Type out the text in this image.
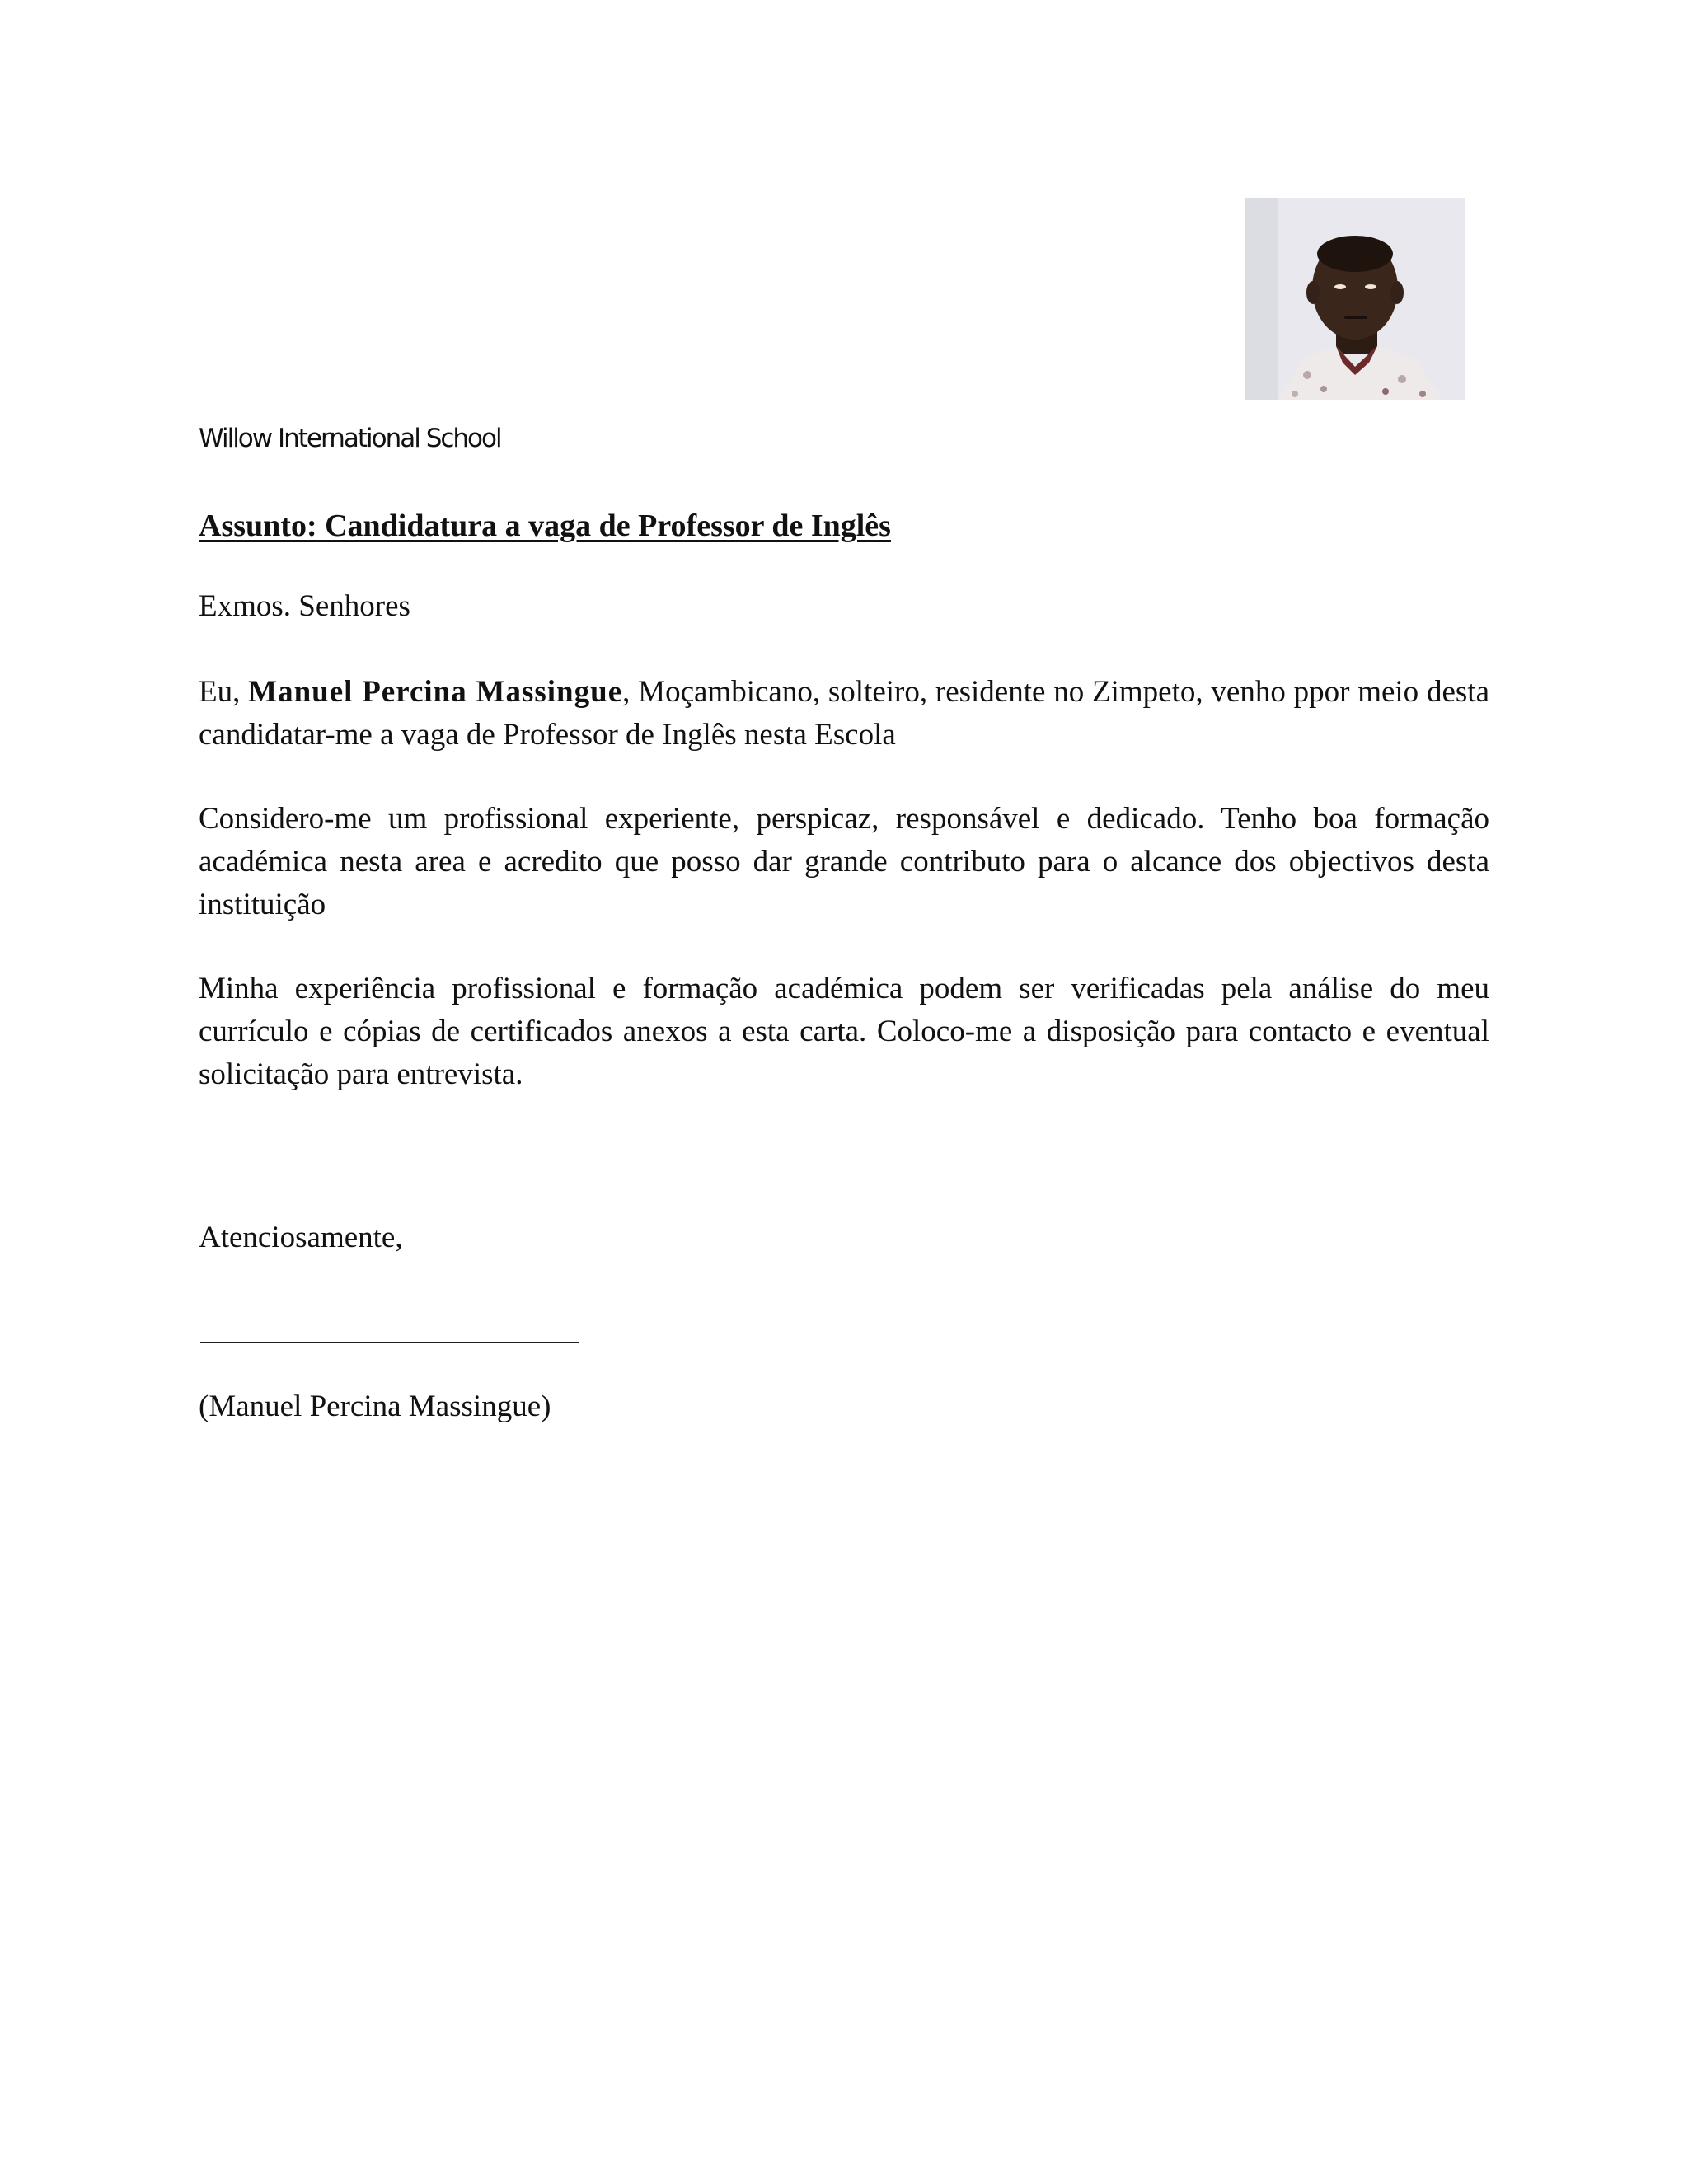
Willow International School
Assunto: Candidatura a vaga de Professor de Inglês
Exmos. Senhores
Eu, Manuel Percina Massingue, Moçambicano, solteiro, residente no Zimpeto, venho ppor meio desta candidatar-me a vaga de Professor de Inglês nesta Escola
Considero-me um profissional experiente, perspicaz, responsável e dedicado. Tenho boa formação académica nesta area e acredito que posso dar grande contributo para o alcance dos objectivos desta instituição
Minha experiência profissional e formação académica podem ser verificadas pela análise do meu currículo e cópias de certificados anexos a esta carta. Coloco-me a disposição para contacto e eventual solicitação para entrevista.
Atenciosamente,
(Manuel Percina Massingue)
